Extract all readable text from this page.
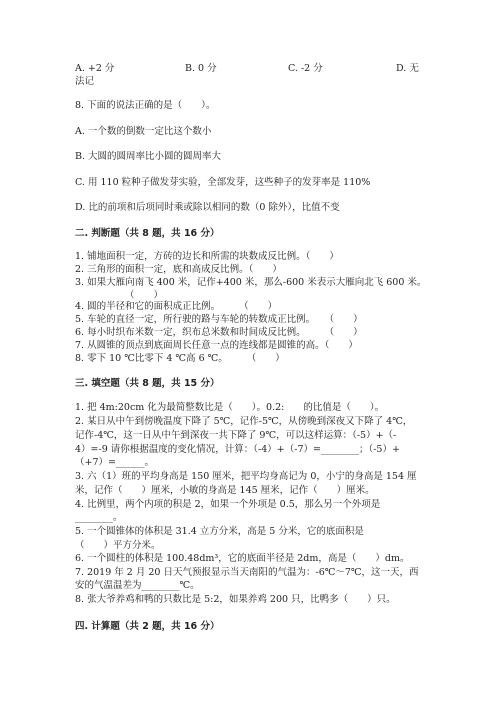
A. +2 分	B. 0 分	C. -2 分	D. 无
法记
8. 下面的说法正确的是（　　）。
A. 一个数的倒数一定比这个数小
B. 大圆的圆周率比小圆的圆周率大
C. 用 110 粒种子做发芽实验，全部发芽，这些种子的发芽率是 110%
D. 比的前项和后项同时乘或除以相同的数（0 除外），比值不变
二. 判断题（共 8 题，共 16 分）
1. 铺地面积一定，方砖的边长和所需的块数成反比例。（　　）
2. 三角形的面积一定，底和高成反比例。（　　）
3. 如果大雁向南飞 400 米，记作+400 米，那么-600 米表示大雁向北飞 600 米。
（　　）
4. 圆的半径和它的面积成正比例。　　　（　　）
5. 车轮的直径一定，所行驶的路与车轮的转数成正比例。　　（　　）
6. 每小时织布米数一定，织布总米数和时间成反比例。　　　（　　）
7. 从圆锥的顶点到底面周长任意一点的连线都是圆锥的高。（　　）
8. 零下 10 ℃比零下 4 ℃高 6 ℃。　　　（　　）
三. 填空题（共 8 题，共 15 分）
1. 把 4m:20cm 化为最简整数比是（　　）。0.2:　　的比值是（　　）。
2. 某日从中午到傍晚温度下降了 5℃，记作-5℃，从傍晚到深夜又下降了 4℃，
记作-4℃，这一日从中午到深夜一共下降了 9℃，可以这样运算：（-5）+（-
4）=-9 请你根据温度的变化情况，计算：（-4）+（-7）=________；（-5）+
（+7）=______。
3. 六（1）班的平均身高是 150 厘米，把平均身高记为 0，小宁的身高是 154 厘
米，记作（　　）厘米，小敏的身高是 145 厘米，记作（　　）厘米。
4. 比例里，两个内项的积是 2，如果一个外项是 0.5，那么另一个外项是
________。
5. 一个圆锥体的体积是 31.4 立方分米，高是 5 分米，它的底面积是
（　　）平方分米。
6. 一个圆柱的体积是 100.48dm³，它的底面半径是 2dm，高是（　　）dm。
7. 2019 年 2 月 20 日天气预报显示当天南阳的气温为：-6℃～7℃，这一天，西
安的气温温差为________℃。
8. 张大爷养鸡和鸭的只数比是 5:2，如果养鸡 200 只，比鸭多（　　）只。
四. 计算题（共 2 题，共 16 分）
